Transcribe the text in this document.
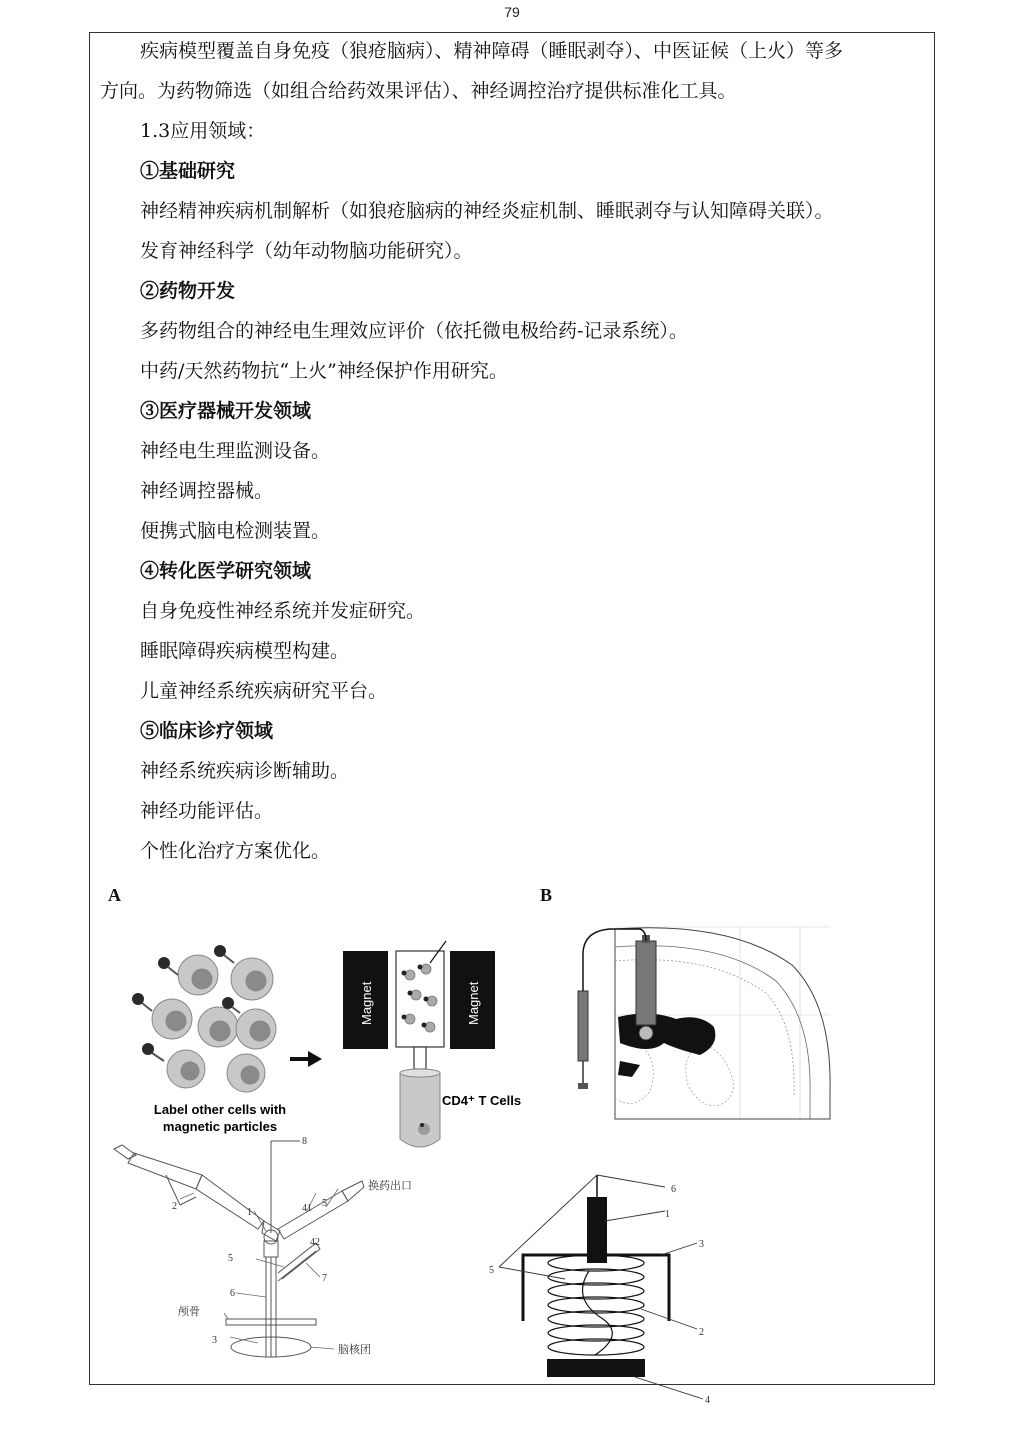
79
疾病模型覆盖自身免疫（狼疮脑病）、精神障碍（睡眠剥夺）、中医证候（上火）等多
方向。为药物筛选（如组合给药效果评估）、神经调控治疗提供标准化工具。
1.3应用领域：
①基础研究
神经精神疾病机制解析（如狼疮脑病的神经炎症机制、睡眠剥夺与认知障碍关联）。
发育神经科学（幼年动物脑功能研究）。
②药物开发
多药物组合的神经电生理效应评价（依托微电极给药-记录系统）。
中药/天然药物抗“上火”神经保护作用研究。
③医疗器械开发领域
神经电生理监测设备。
神经调控器械。
便携式脑电检测装置。
④转化医学研究领域
自身免疫性神经系统并发症研究。
睡眠障碍疾病模型构建。
儿童神经系统疾病研究平台。
⑤临床诊疗领域
神经系统疾病诊断辅助。
神经功能评估。
个性化治疗方案优化。
A
Label other cells with
magnetic particles
Magnet	Magnet
CD4⁺ T Cells
B
8
2
1	41 5
换药出口
5
42
7
6
颅骨
3
脑核团
6
1
5
3
2
4
